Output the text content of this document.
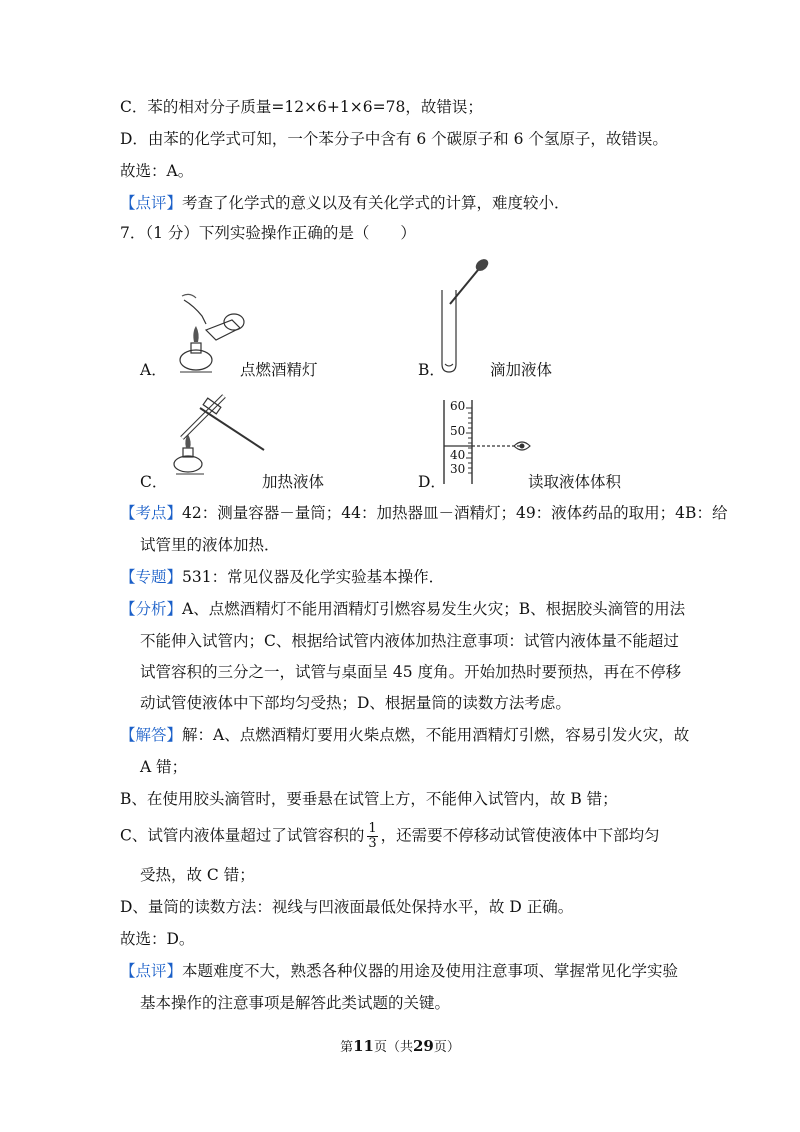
C．苯的相对分子质量=12×6+1×6=78，故错误；
D．由苯的化学式可知，一个苯分子中含有 6 个碳原子和 6 个氢原子，故错误。
故选：A。
【点评】考查了化学式的意义以及有关化学式的计算，难度较小．
7．（1 分）下列实验操作正确的是（　　）
A．	点燃酒精灯	B．	滴加液体
C．	加热液体
60
50
40
30
D．	读取液体体积
【考点】42：测量容器－量筒；44：加热器皿－酒精灯；49：液体药品的取用；4B：给
试管里的液体加热．
【专题】531：常见仪器及化学实验基本操作．
【分析】A、点燃酒精灯不能用酒精灯引燃容易发生火灾；B、根据胶头滴管的用法
不能伸入试管内；C、根据给试管内液体加热注意事项：试管内液体量不能超过
试管容积的三分之一，试管与桌面呈 45 度角。开始加热时要预热，再在不停移
动试管使液体中下部均匀受热；D、根据量筒的读数方法考虑。
【解答】解：A、点燃酒精灯要用火柴点燃，不能用酒精灯引燃，容易引发火灾，故
A 错；
B、在使用胶头滴管时，要垂悬在试管上方，不能伸入试管内，故 B 错；
C、试管内液体量超过了试管容积的 $\frac{1}{3}$ ，还需要不停移动试管使液体中下部均匀
受热，故 C 错；
D、量筒的读数方法：视线与凹液面最低处保持水平，故 D 正确。
故选：D。
【点评】本题难度不大，熟悉各种仪器的用途及使用注意事项、掌握常见化学实验
基本操作的注意事项是解答此类试题的关键。
第11页（共29页）
